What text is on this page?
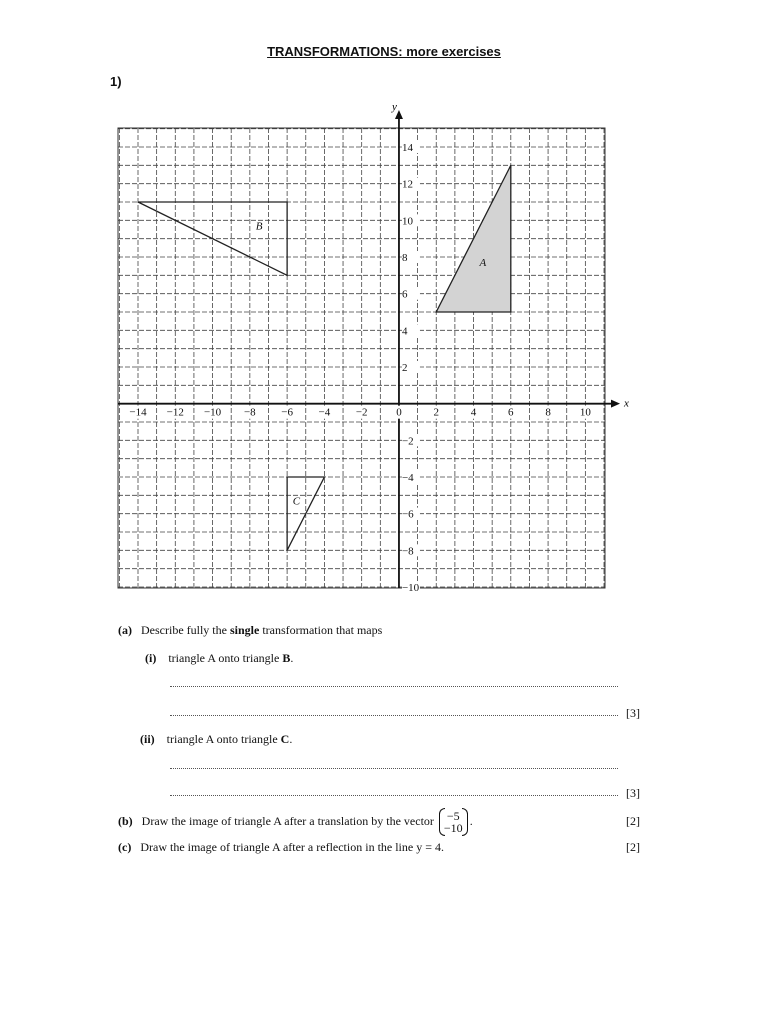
TRANSFORMATIONS: more exercises
1)
A
B
C
x
y
−14 −12 −10 −8 −6 −4 −2	0	2	4	6	8	10
14
12
10
8
6
4
2
−2
−4
−6
−8
−10
(a) Describe fully the single transformation that maps
(i) triangle A onto triangle B.
[3]
(ii) triangle A onto triangle C.
[3]
(b) Draw the image of triangle A after a translation by the vector −5
−10
.	[2]
(c) Draw the image of triangle A after a reflection in the line y = 4.	[2]
